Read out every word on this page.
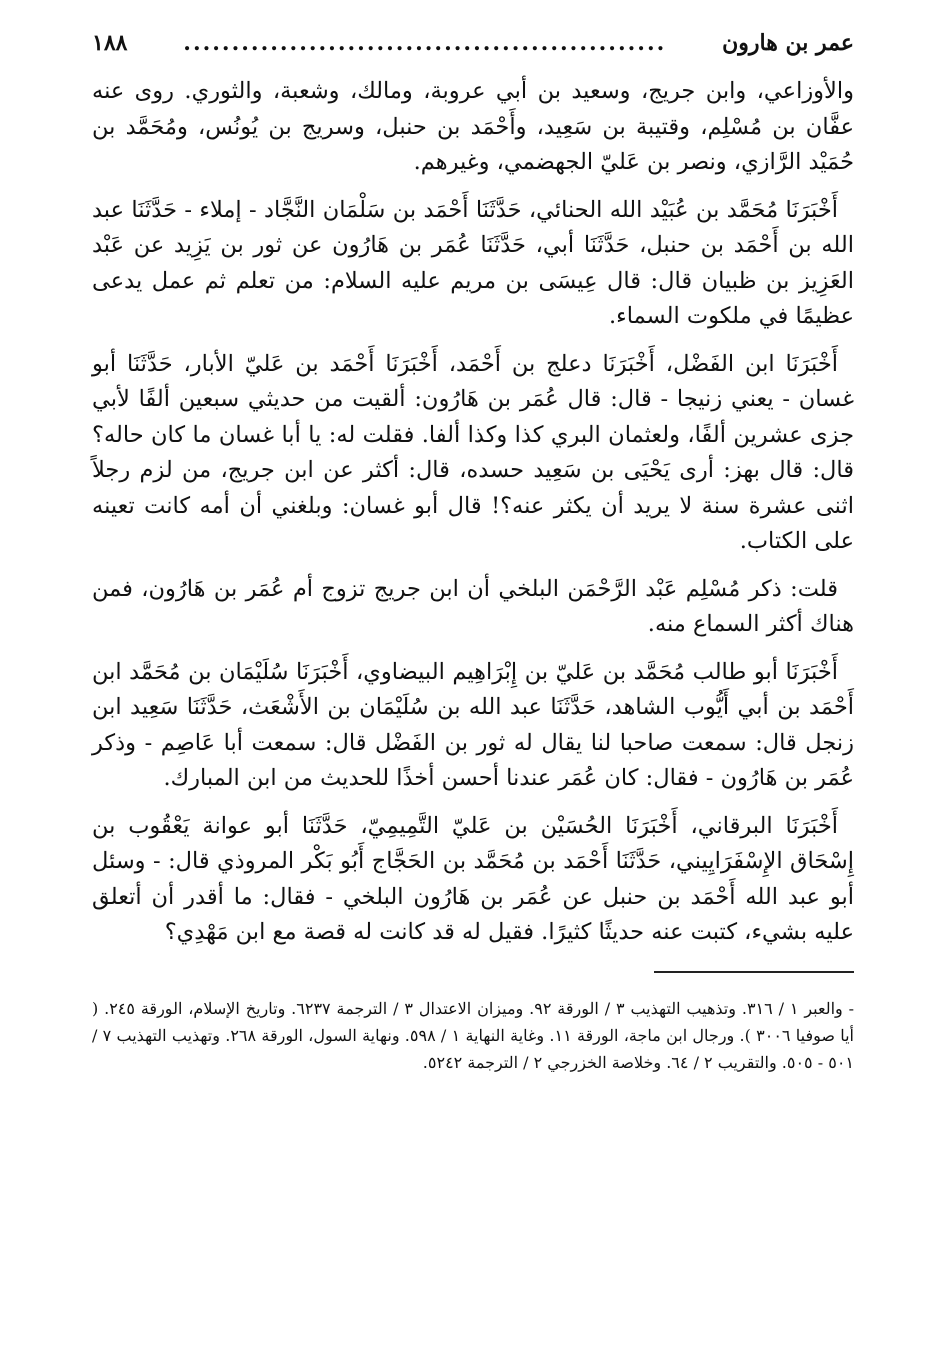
١٨٨	..................................................	عمر بن هارون

والأوزاعي، وابن جريج، وسعيد بن أبي عروبة، ومالك، وشعبة، والثوري. روى عنه عفَّان بن مُسْلِم، وقتيبة بن سَعِيد، وأَحْمَد بن حنبل، وسريج بن يُونُس، ومُحَمَّد بن حُمَيْد الرَّازي، ونصر بن عَليّ الجهضمي، وغيرهم.

أَخْبَرَنَا مُحَمَّد بن عُبَيْد الله الحنائي، حَدَّثَنَا أَحْمَد بن سَلْمَان النَّجَّاد - إملاء - حَدَّثَنَا عبد الله بن أَحْمَد بن حنبل، حَدَّثَنَا أبي، حَدَّثَنَا عُمَر بن هَارُون عن ثور بن يَزِيد عن عَبْد العَزِيز بن ظبيان قال: قال عِيسَى بن مريم عليه السلام: من تعلم ثم عمل يدعى عظيمًا في ملكوت السماء.

أَخْبَرَنَا ابن الفَضْل، أَخْبَرَنَا دعلج بن أَحْمَد، أَخْبَرَنَا أَحْمَد بن عَليّ الأبار، حَدَّثَنَا أبو غسان - يعني زنيجا - قال: قال عُمَر بن هَارُون: ألقيت من حديثي سبعين ألفًا لأبي جزى عشرين ألفًا، ولعثمان البري كذا وكذا ألفا. فقلت له: يا أبا غسان ما كان حاله؟ قال: قال بهز: أرى يَحْيَى بن سَعِيد حسده، قال: أكثر عن ابن جريج، من لزم رجلاً اثنى عشرة سنة لا يريد أن يكثر عنه؟! قال أبو غسان: وبلغني أن أمه كانت تعينه على الكتاب.

قلت: ذكر مُسْلِم عَبْد الرَّحْمَن البلخي أن ابن جريج تزوج أم عُمَر بن هَارُون، فمن هناك أكثر السماع منه.

أَخْبَرَنَا أبو طالب مُحَمَّد بن عَليّ بن إِبْرَاهِيم البيضاوي، أَخْبَرَنَا سُلَيْمَان بن مُحَمَّد ابن أَحْمَد بن أبي أَيُّوب الشاهد، حَدَّثَنَا عبد الله بن سُلَيْمَان بن الأَشْعَث، حَدَّثَنَا سَعِيد ابن زنجل قال: سمعت صاحبا لنا يقال له ثور بن الفَضْل قال: سمعت أبا عَاصِم - وذكر عُمَر بن هَارُون - فقال: كان عُمَر عندنا أحسن أخذًا للحديث من ابن المبارك.

أَخْبَرَنَا البرقاني، أَخْبَرَنَا الحُسَيْن بن عَليّ التَّمِيمِيّ، حَدَّثَنَا أبو عوانة يَعْقُوب بن إِسْحَاق الإِسْفَرَايِيني، حَدَّثَنَا أَحْمَد بن مُحَمَّد بن الحَجَّاج أَبُو بَكْر المروذي قال: - وسئل أبو عبد الله أَحْمَد بن حنبل عن عُمَر بن هَارُون البلخي - فقال: ما أقدر أن أتعلق عليه بشيء، كتبت عنه حديثًا كثيرًا. فقيل له قد كانت له قصة مع ابن مَهْدِي؟

- والعبر ١ / ٣١٦. وتذهيب التهذيب ٣ / الورقة ٩٢. وميزان الاعتدال ٣ / الترجمة ٦٢٣٧. وتاريخ الإسلام، الورقة ٢٤٥. ( أيا صوفيا ٣٠٠٦ ). ورجال ابن ماجة، الورقة ١١. وغاية النهاية ١ / ٥٩٨. ونهاية السول، الورقة ٢٦٨. وتهذيب التهذيب ٧ / ٥٠١ - ٥٠٥. والتقريب ٢ / ٦٤. وخلاصة الخزرجي ٢ / الترجمة ٥٢٤٢.
